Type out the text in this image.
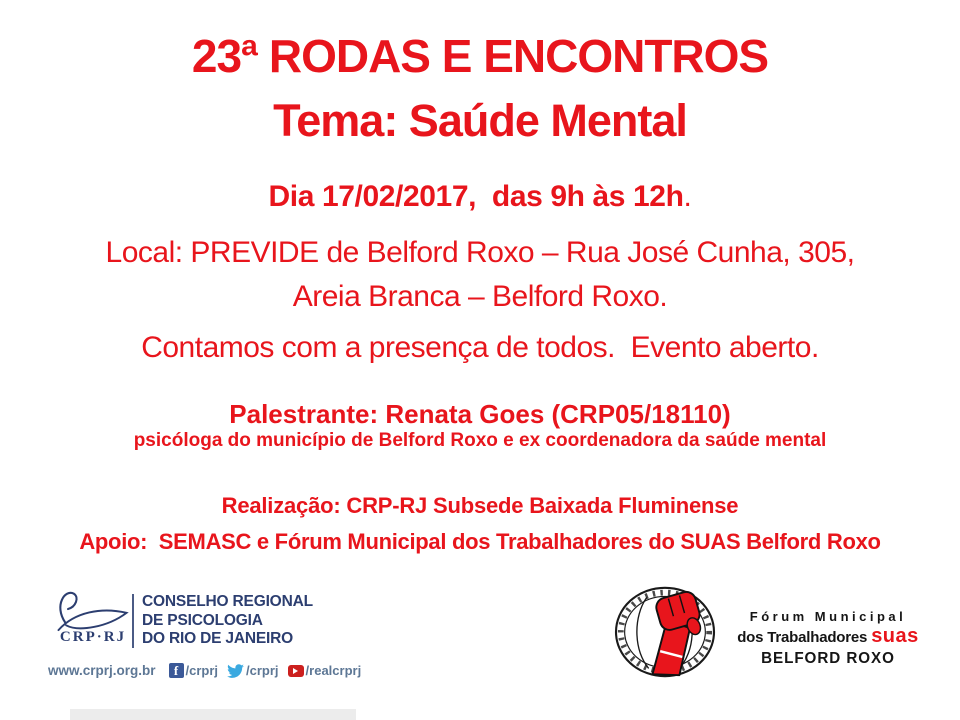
23ª RODAS E ENCONTROS
Tema: Saúde Mental
Dia 17/02/2017,  das 9h às 12h.
Local: PREVIDE de Belford Roxo – Rua José Cunha, 305,
Areia Branca – Belford Roxo.
Contamos com a presença de todos.  Evento aberto.
Palestrante: Renata Goes (CRP05/18110)
psicóloga do município de Belford Roxo e ex coordenadora da saúde mental
Realização: CRP-RJ Subsede Baixada Fluminense
Apoio:  SEMASC e Fórum Municipal dos Trabalhadores do SUAS Belford Roxo
CRP·RJ
CONSELHO REGIONAL
DE PSICOLOGIA
DO RIO DE JANEIRO
www.crprj.org.br	f /crprj /crprj /realcrprj
Fórum Municipal
dos Trabalhadores suas
BELFORD ROXO
